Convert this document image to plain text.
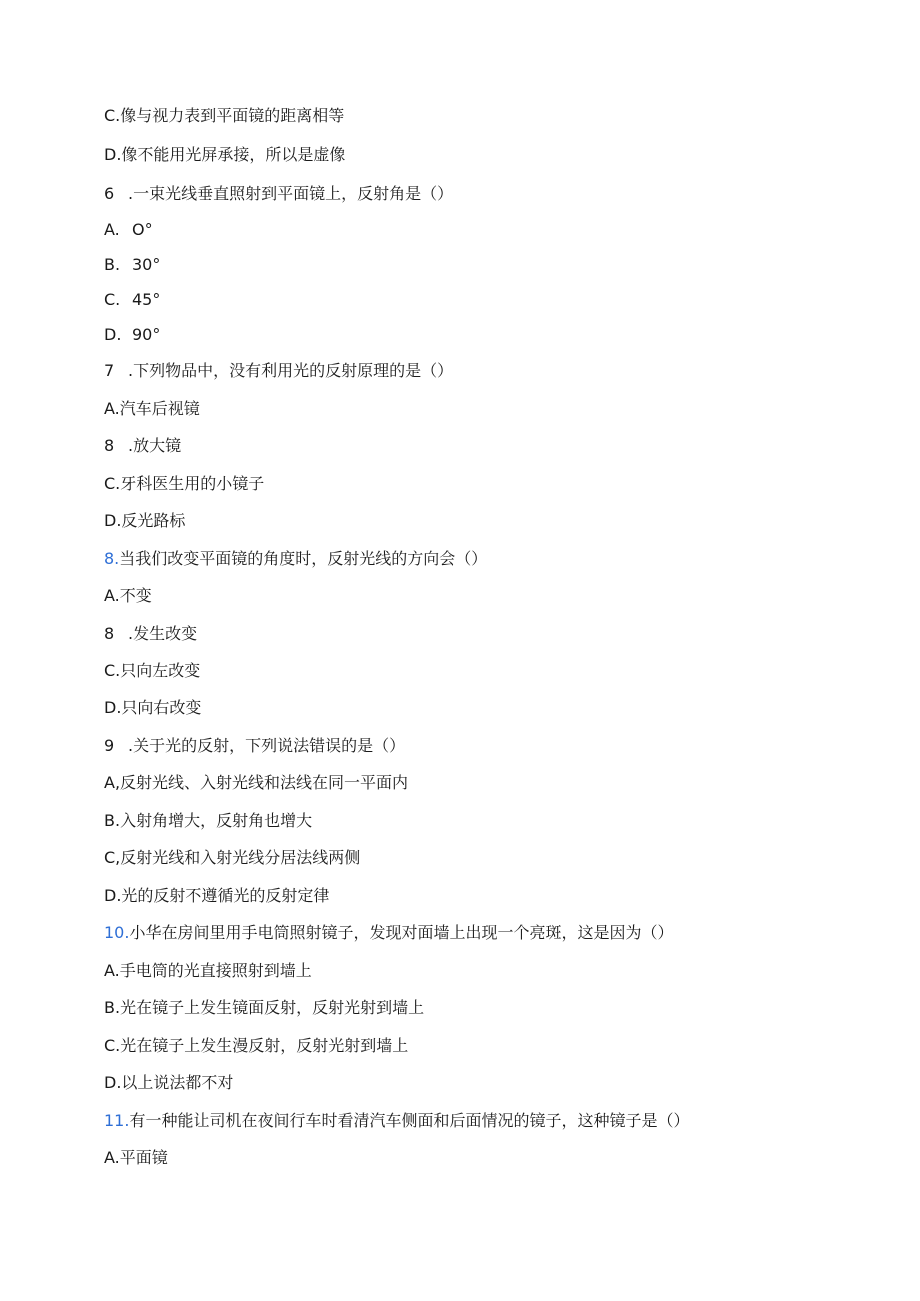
C.像与视力表到平面镜的距离相等
D.像不能用光屏承接，所以是虚像
6 .一束光线垂直照射到平面镜上，反射角是（）
A. O°
B. 30°
C. 45°
D. 90°
7 .下列物品中，没有利用光的反射原理的是（）
A.汽车后视镜
8 .放大镜
C.牙科医生用的小镜子
D.反光路标
8.当我们改变平面镜的角度时，反射光线的方向会（）
A.不变
8 .发生改变
C.只向左改变
D.只向右改变
9 .关于光的反射，下列说法错误的是（）
A,反射光线、入射光线和法线在同一平面内
B.入射角增大，反射角也增大
C,反射光线和入射光线分居法线两侧
D.光的反射不遵循光的反射定律
10.小华在房间里用手电筒照射镜子，发现对面墙上出现一个亮斑，这是因为（）
A.手电筒的光直接照射到墙上
B.光在镜子上发生镜面反射，反射光射到墙上
C.光在镜子上发生漫反射，反射光射到墙上
D.以上说法都不对
11.有一种能让司机在夜间行车时看清汽车侧面和后面情况的镜子，这种镜子是（）
A.平面镜
